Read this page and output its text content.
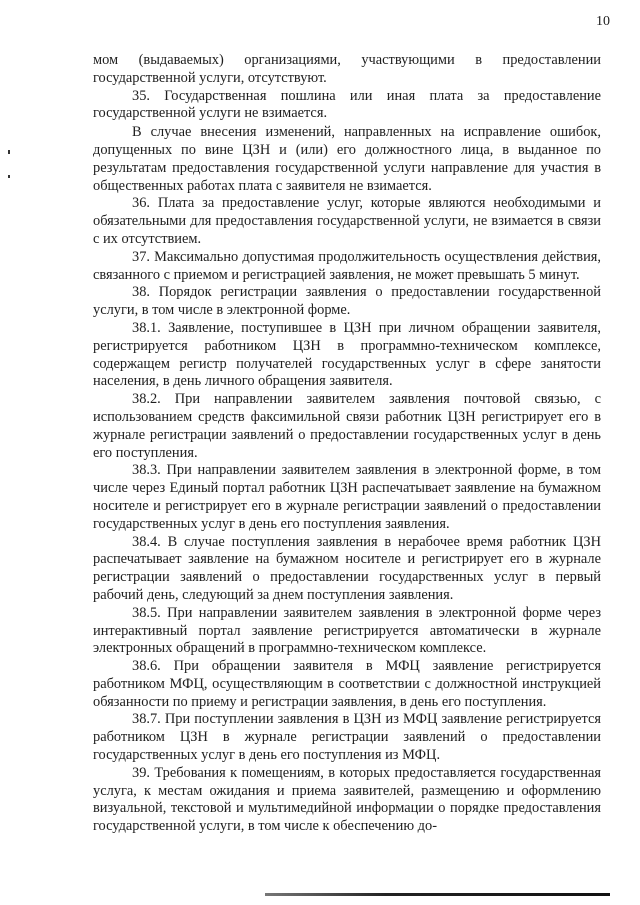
10

мом (выдаваемых) организациями, участвующими в предоставлении государственной услуги, отсутствуют.

35. Государственная пошлина или иная плата за предоставление государственной услуги не взимается.

В случае внесения изменений, направленных на исправление ошибок, допущенных по вине ЦЗН и (или) его должностного лица, в выданное по результатам предоставления государственной услуги направление для участия в общественных работах плата с заявителя не взимается.

36. Плата за предоставление услуг, которые являются необходимыми и обязательными для предоставления государственной услуги, не взимается в связи с их отсутствием.

37. Максимально допустимая продолжительность осуществления действия, связанного с приемом и регистрацией заявления, не может превышать 5 минут.

38. Порядок регистрации заявления о предоставлении государственной услуги, в том числе в электронной форме.

38.1. Заявление, поступившее в ЦЗН при личном обращении заявителя, регистрируется работником ЦЗН в программно-техническом комплексе, содержащем регистр получателей государственных услуг в сфере занятости населения, в день личного обращения заявителя.

38.2. При направлении заявителем заявления почтовой связью, с использованием средств факсимильной связи работник ЦЗН регистрирует его в журнале регистрации заявлений о предоставлении государственных услуг в день его поступления.

38.3. При направлении заявителем заявления в электронной форме, в том числе через Единый портал работник ЦЗН распечатывает заявление на бумажном носителе и регистрирует его в журнале регистрации заявлений о предоставлении государственных услуг в день его поступления заявления.

38.4. В случае поступления заявления в нерабочее время работник ЦЗН распечатывает заявление на бумажном носителе и регистрирует его в журнале регистрации заявлений о предоставлении государственных услуг в первый рабочий день, следующий за днем поступления заявления.

38.5. При направлении заявителем заявления в электронной форме через интерактивный портал заявление регистрируется автоматически в журнале электронных обращений в программно-техническом комплексе.

38.6. При обращении заявителя в МФЦ заявление регистрируется работником МФЦ, осуществляющим в соответствии с должностной инструкцией обязанности по приему и регистрации заявления, в день его поступления.

38.7. При поступлении заявления в ЦЗН из МФЦ заявление регистрируется работником ЦЗН в журнале регистрации заявлений о предоставлении государственных услуг в день его поступления из МФЦ.

39. Требования к помещениям, в которых предоставляется государственная услуга, к местам ожидания и приема заявителей, размещению и оформлению визуальной, текстовой и мультимедийной информации о порядке предоставления государственной услуги, в том числе к обеспечению до-
